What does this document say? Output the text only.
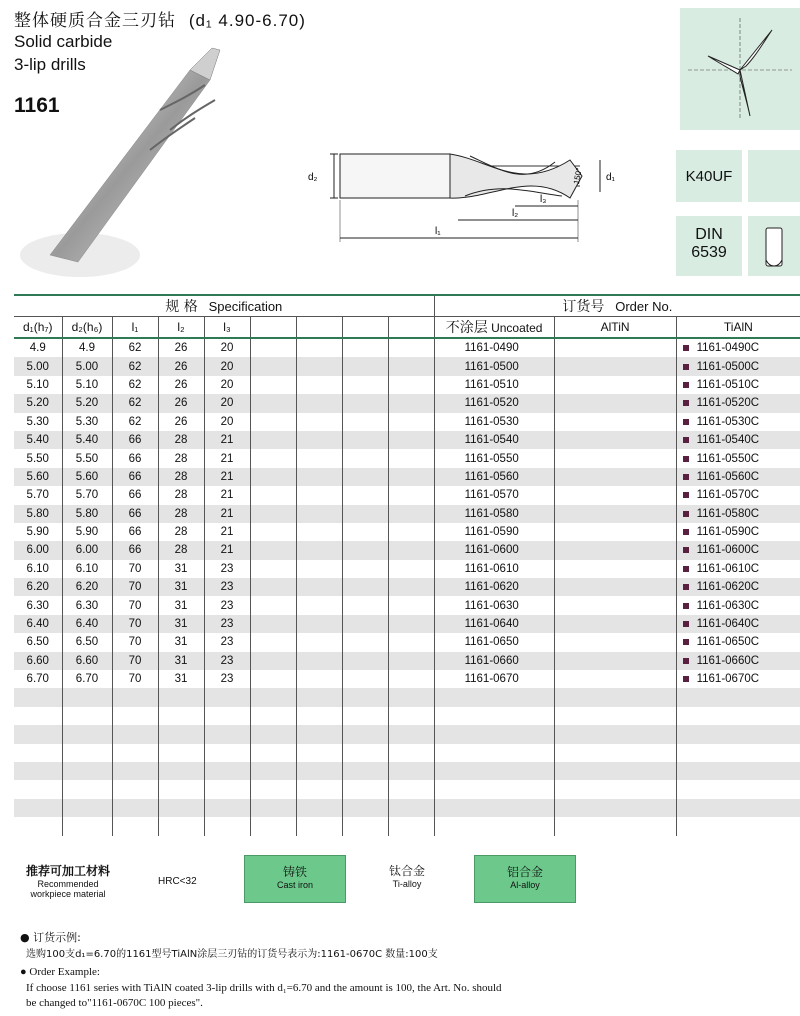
整体硬质合金三刃钻 (d₁ 4.90-6.70)
Solid carbide
3-lip drills
1161
d₂	d₁
150°
l₃
l₂
l₁
K40UF
DIN
6539
规 格 Specification									订货号 Order No.		
d₁(h₇)	d₂(h₆)	l₁	l₂	l₃					不涂层 Uncoated	AlTiN	TiAlN
4.9	4.9	62	26	20					1161-0490		1161-0490C
5.00	5.00	62	26	20					1161-0500		1161-0500C
5.10	5.10	62	26	20					1161-0510		1161-0510C
5.20	5.20	62	26	20					1161-0520		1161-0520C
5.30	5.30	62	26	20					1161-0530		1161-0530C
5.40	5.40	66	28	21					1161-0540		1161-0540C
5.50	5.50	66	28	21					1161-0550		1161-0550C
5.60	5.60	66	28	21					1161-0560		1161-0560C
5.70	5.70	66	28	21					1161-0570		1161-0570C
5.80	5.80	66	28	21					1161-0580		1161-0580C
5.90	5.90	66	28	21					1161-0590		1161-0590C
6.00	6.00	66	28	21					1161-0600		1161-0600C
6.10	6.10	70	31	23					1161-0610		1161-0610C
6.20	6.20	70	31	23					1161-0620		1161-0620C
6.30	6.30	70	31	23					1161-0630		1161-0630C
6.40	6.40	70	31	23					1161-0640		1161-0640C
6.50	6.50	70	31	23					1161-0650		1161-0650C
6.60	6.60	70	31	23					1161-0660		1161-0660C
6.70	6.70	70	31	23					1161-0670		1161-0670C

推荐可加工材料
Recommended
workpiece material
HRC<32
铸铁
Cast iron
钛合金
Ti-alloy
铝合金
Al-alloy
● 订货示例:
选购100支d₁=6.70的1161型号TiAlN涂层三刃钻的订货号表示为:1161-0670C 数量:100支
● Order Example:
If choose 1161 series with TiAlN coated 3-lip drills with d₁=6.70 and the amount is 100, the Art. No. should
be changed to"1161-0670C 100 pieces".
